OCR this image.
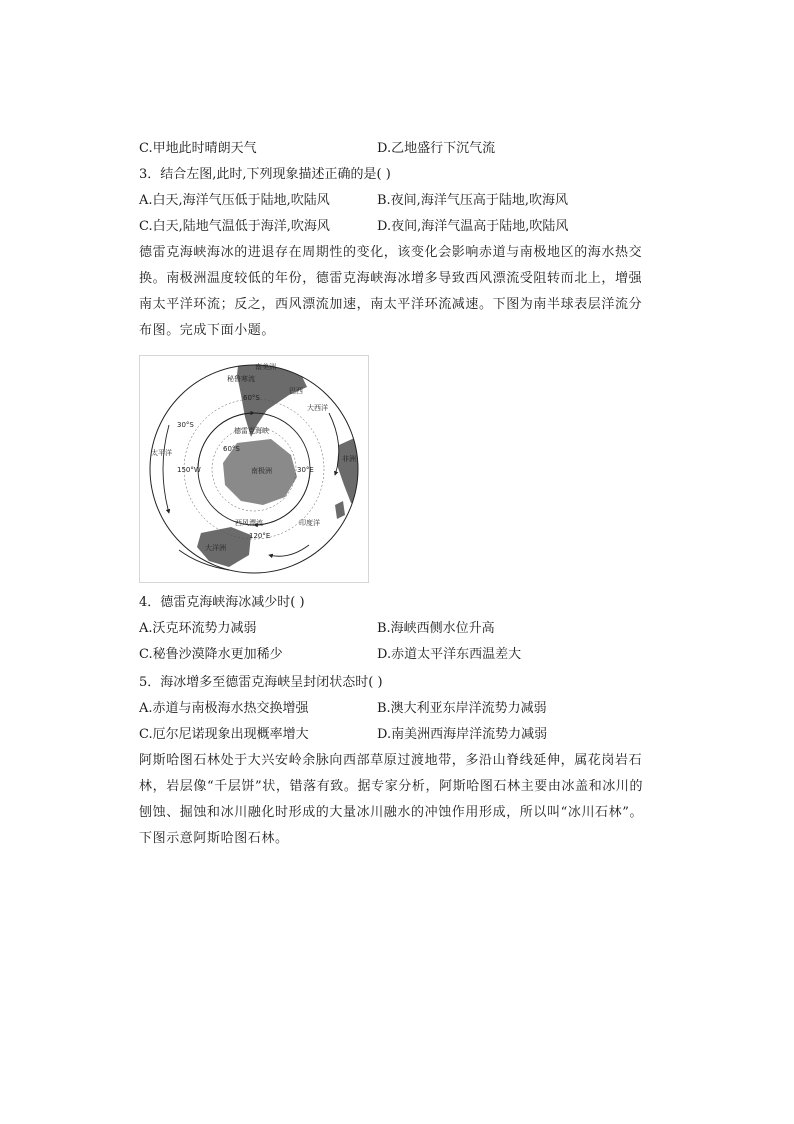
C.甲地此时晴朗天气	D.乙地盛行下沉气流
3．结合左图,此时,下列现象描述正确的是( )
A.白天,海洋气压低于陆地,吹陆风	B.夜间,海洋气压高于陆地,吹海风
C.白天,陆地气温低于海洋,吹海风	D.夜间,海洋气温高于陆地,吹陆风
德雷克海峡海冰的进退存在周期性的变化，该变化会影响赤道与南极地区的海水热交
换。南极洲温度较低的年份，德雷克海峡海冰增多导致西风漂流受阻转而北上，增强
南太平洋环流；反之，西风漂流加速，南太平洋环流减速。下图为南半球表层洋流分
布图。完成下面小题。
南美洲
秘鲁寒流
太平洋
大西洋
印度洋
非洲
南极洲
大洋洲
德雷克海峡
西风漂流
巴西
30°S
60°S
60°S
150°W	30°E
120°E
4．德雷克海峡海冰减少时( )
A.沃克环流势力减弱	B.海峡西侧水位升高
C.秘鲁沙漠降水更加稀少	D.赤道太平洋东西温差大
5．海冰增多至德雷克海峡呈封闭状态时( )
A.赤道与南极海水热交换增强	B.澳大利亚东岸洋流势力减弱
C.厄尔尼诺现象出现概率增大	D.南美洲西海岸洋流势力减弱
阿斯哈图石林处于大兴安岭余脉向西部草原过渡地带，多沿山脊线延伸，属花岗岩石
林，岩层像“千层饼”状，错落有致。据专家分析，阿斯哈图石林主要由冰盖和冰川的
刨蚀、掘蚀和冰川融化时形成的大量冰川融水的冲蚀作用形成，所以叫“冰川石林”。
下图示意阿斯哈图石林。
